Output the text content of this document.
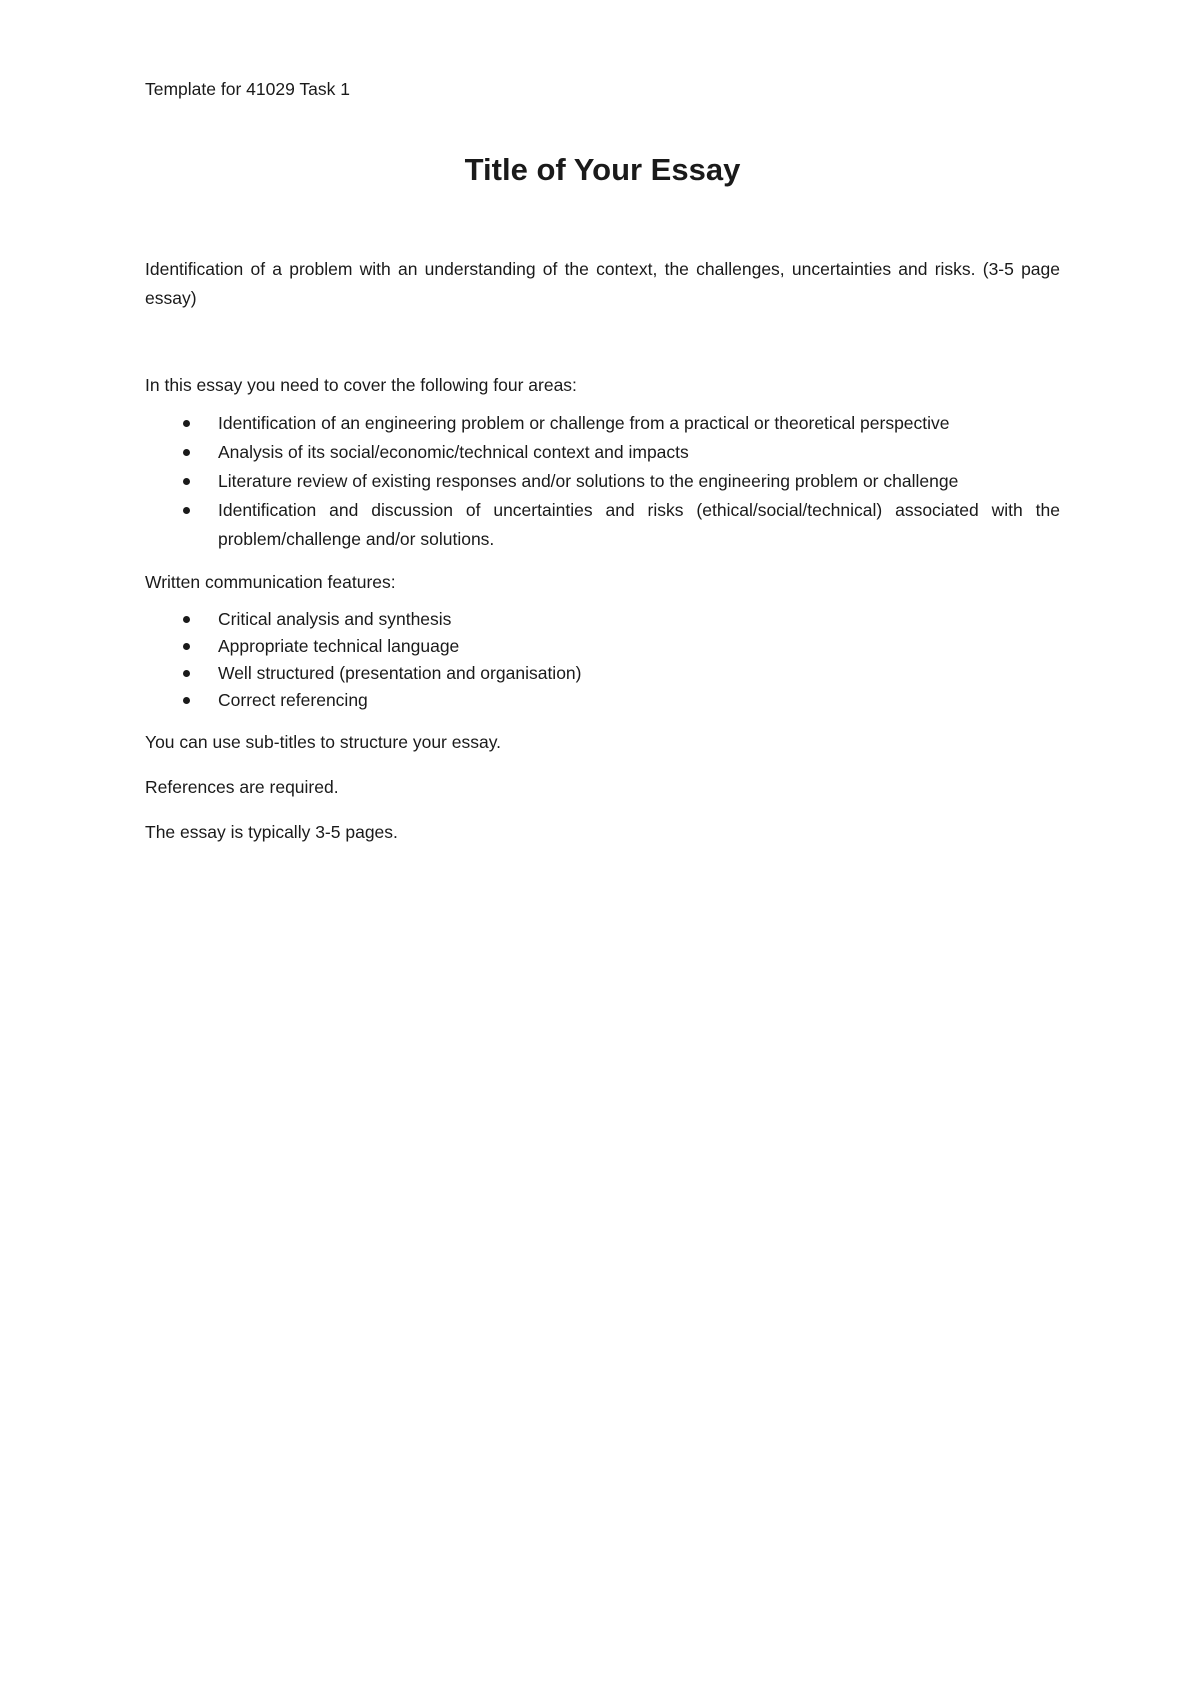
Template for 41029 Task 1
Title of Your Essay

Identification of a problem with an understanding of the context, the challenges, uncertainties and risks. (3-5 page essay)

In this essay you need to cover the following four areas:

Identification of an engineering problem or challenge from a practical or theoretical perspective
Analysis of its social/economic/technical context and impacts
Literature review of existing responses and/or solutions to the engineering problem or challenge
Identification and discussion of uncertainties and risks (ethical/social/technical) associated with the problem/challenge and/or solutions.

Written communication features:

Critical analysis and synthesis
Appropriate technical language
Well structured (presentation and organisation)
Correct referencing

You can use sub-titles to structure your essay.

References are required.

The essay is typically 3-5 pages.
